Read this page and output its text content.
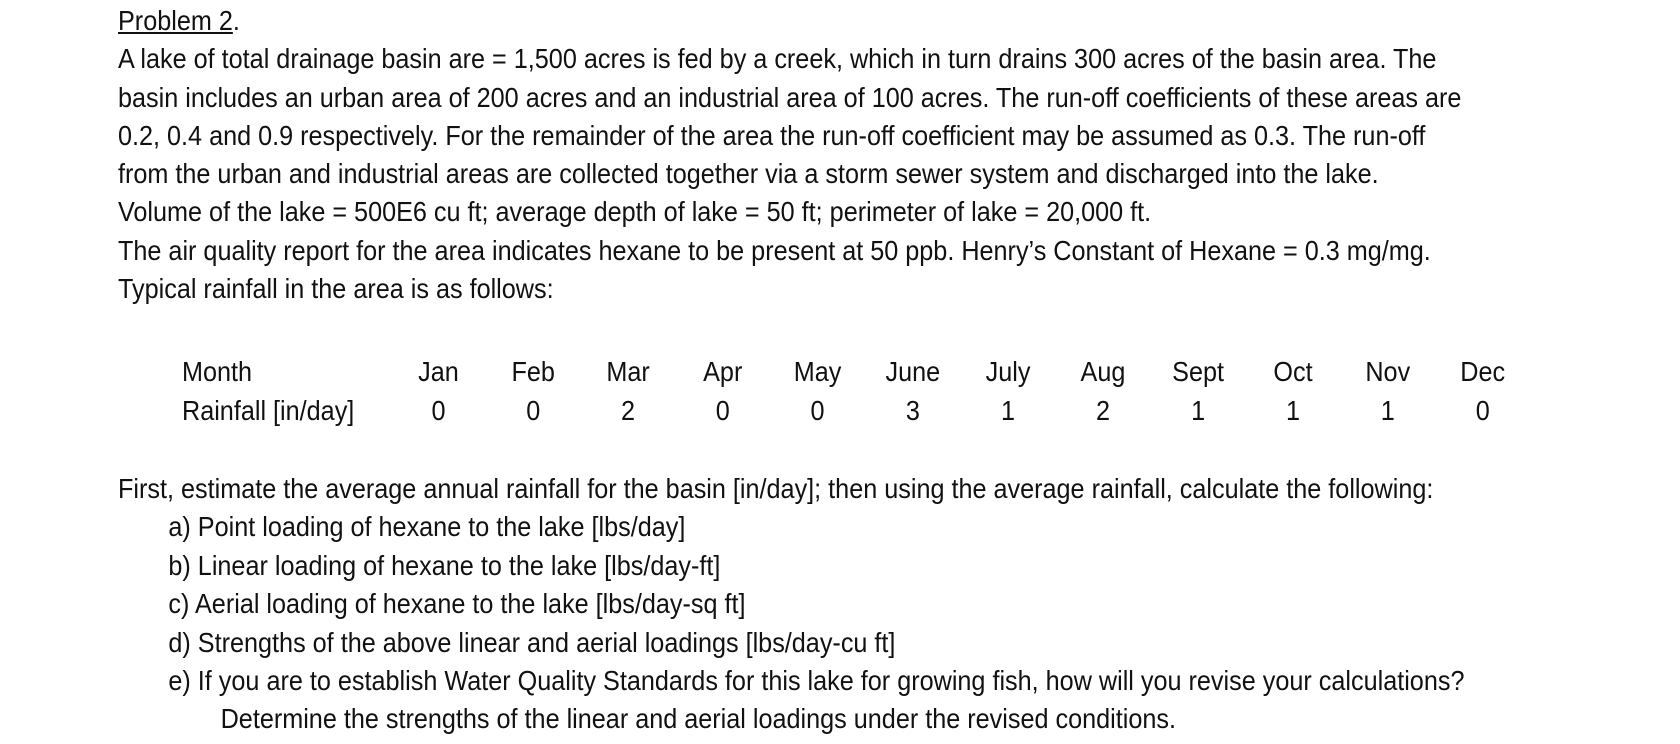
Problem 2.
A lake of total drainage basin are = 1,500 acres is fed by a creek, which in turn drains 300 acres of the basin area. The
basin includes an urban area of 200 acres and an industrial area of 100 acres. The run-off coefficients of these areas are
0.2, 0.4 and 0.9 respectively. For the remainder of the area the run-off coefficient may be assumed as 0.3. The run-off
from the urban and industrial areas are collected together via a storm sewer system and discharged into the lake.
Volume of the lake = 500E6 cu ft; average depth of lake = 50 ft; perimeter of lake = 20,000 ft.
The air quality report for the area indicates hexane to be present at 50 ppb. Henry’s Constant of Hexane = 0.3 mg/mg.
Typical rainfall in the area is as follows:
Month	Jan	Feb	Mar	Apr	May	June	July	Aug	Sept	Oct	Nov	Dec
Rainfall [in/day]	0	0	2	0	0	3	1	2	1	1	1	0
First, estimate the average annual rainfall for the basin [in/day]; then using the average rainfall, calculate the following:
a) Point loading of hexane to the lake [lbs/day]
b) Linear loading of hexane to the lake [lbs/day-ft]
c) Aerial loading of hexane to the lake [lbs/day-sq ft]
d) Strengths of the above linear and aerial loadings [lbs/day-cu ft]
e) If you are to establish Water Quality Standards for this lake for growing fish, how will you revise your calculations?
Determine the strengths of the linear and aerial loadings under the revised conditions.
